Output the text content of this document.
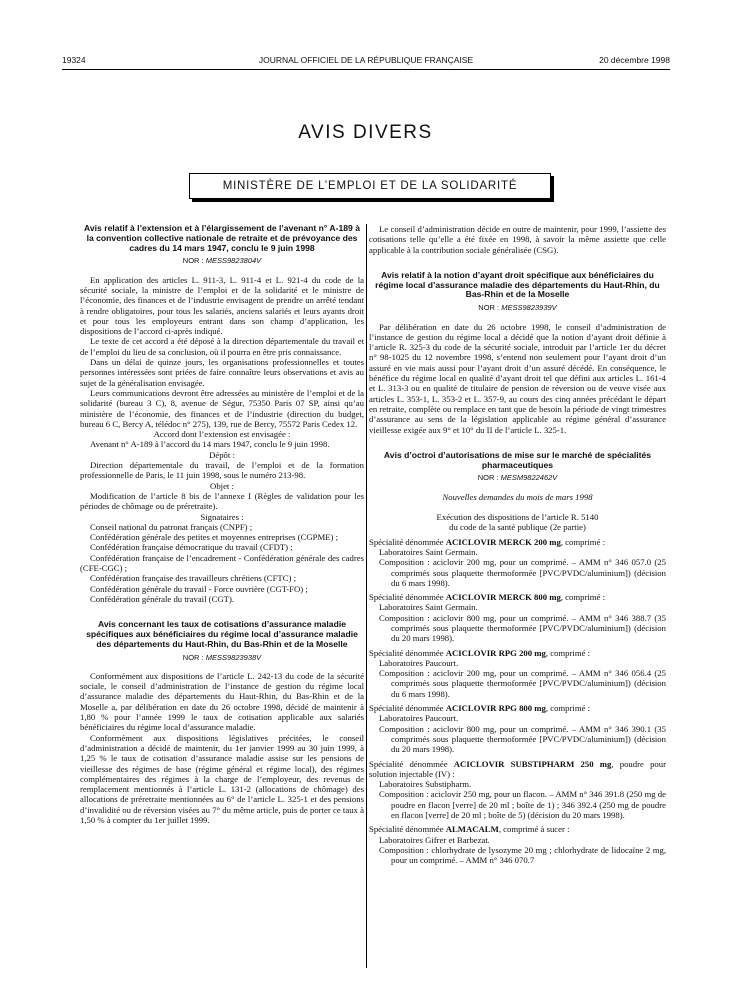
19324	JOURNAL OFFICIEL DE LA RÉPUBLIQUE FRANÇAISE	20 décembre 1998
AVIS DIVERS
MINISTÈRE DE L’EMPLOI ET DE LA SOLIDARITÉ
Avis relatif à l’extension et à l’élargissement de l’avenant n° A-189 à la convention collective nationale de retraite et de prévoyance des cadres du 14 mars 1947, conclu le 9 juin 1998
NOR : MESS9823804V

En application des articles L. 911-3, L. 911-4 et L. 921-4 du code de la sécurité sociale, la ministre de l’emploi et de la solidarité et le ministre de l’économie, des finances et de l’industrie envisagent de prendre un arrêté tendant à rendre obligatoires, pour tous les salariés, anciens salariés et leurs ayants droit et pour tous les employeurs entrant dans son champ d’application, les dispositions de l’accord ci-après indiqué.

Le texte de cet accord a été déposé à la direction départementale du travail et de l’emploi du lieu de sa conclusion, où il pourra en être pris connaissance.

Dans un délai de quinze jours, les organisations professionnelles et toutes personnes intéressées sont priées de faire connaître leurs observations et avis au sujet de la généralisation envisagée.

Leurs communications devront être adressées au ministère de l’emploi et de la solidarité (bureau 3 C), 8, avenue de Ségur, 75350 Paris 07 SP, ainsi qu’au ministère de l’économie, des finances et de l’industrie (direction du budget, bureau 6 C, Bercy A, télédoc n° 275), 139, rue de Bercy, 75572 Paris Cedex 12.

Accord dont l’extension est envisagée :

Avenant n° A-189 à l’accord du 14 mars 1947, conclu le 9 juin 1998.

Dépôt :

Direction départementale du travail, de l’emploi et de la formation professionnelle de Paris, le 11 juin 1998, sous le numéro 213-98.

Objet :

Modification de l’article 8 bis de l’annexe I (Règles de validation pour les périodes de chômage ou de préretraite).

Signataires :

Conseil national du patronat français (CNPF) ;

Confédération générale des petites et moyennes entreprises (CGPME) ;

Confédération française démocratique du travail (CFDT) ;

Confédération française de l’encadrement - Confédération générale des cadres (CFE-CGC) ;

Confédération française des travailleurs chrétiens (CFTC) ;

Confédération générale du travail - Force ouvrière (CGT-FO) ;

Confédération générale du travail (CGT).

Avis concernant les taux de cotisations d’assurance maladie spécifiques aux bénéficiaires du régime local d’assurance maladie des départements du Haut-Rhin, du Bas-Rhin et de la Moselle
NOR : MESS9823938V

Conformément aux dispositions de l’article L. 242-13 du code de la sécurité sociale, le conseil d’administration de l’instance de gestion du régime local d’assurance maladie des départements du Haut-Rhin, du Bas-Rhin et de la Moselle a, par délibération en date du 26 octobre 1998, décidé de maintenir à 1,80 % pour l’année 1999 le taux de cotisation applicable aux salariés bénéficiaires du régime local d’assurance maladie.

Conformément aux dispositions législatives précitées, le conseil d’administration a décidé de maintenir, du 1er janvier 1999 au 30 juin 1999, à 1,25 % le taux de cotisation d’assurance maladie assise sur les pensions de vieillesse des régimes de base (régime général et régime local), des régimes complémentaires des régimes à la charge de l’employeur, des revenus de remplacement mentionnés à l’article L. 131-2 (allocations de chômage) des allocations de préretraite mentionnées au 6° de l’article L. 325-1 et des pensions d’invalidité ou de réversion visées au 7° du même article, puis de porter ce taux à 1,50 % à compter du 1er juillet 1999.

Le conseil d’administration décide en outre de maintenir, pour 1999, l’assiette des cotisations telle qu’elle a été fixée en 1998, à savoir la même assiette que celle applicable à la contribution sociale généralisée (CSG).

Avis relatif à la notion d’ayant droit spécifique aux bénéficiaires du régime local d’assurance maladie des départements du Haut-Rhin, du Bas-Rhin et de la Moselle
NOR : MESS9823939V

Par délibération en date du 26 octobre 1998, le conseil d’administration de l’instance de gestion du régime local a décidé que la notion d’ayant droit définie à l’article R. 325-3 du code de la sécurité sociale, introduit par l’article 1er du décret n° 98-1025 du 12 novembre 1998, s’entend non seulement pour l’ayant droit d’un assuré en vie mais aussi pour l’ayant droit d’un assuré décédé. En conséquence, le bénéfice du régime local en qualité d’ayant droit tel que défini aux articles L. 161-4 et L. 313-3 ou en qualité de titulaire de pension de réversion ou de veuve visée aux articles L. 353-1, L. 353-2 et L. 357-9, au cours des cinq années précédant le départ en retraite, complète ou remplace en tant que de besoin la période de vingt trimestres d’assurance au sens de la législation applicable au régime général d’assurance vieillesse exigée aux 9° et 10° du II de l’article L. 325-1.

Avis d’octroi d’autorisations de mise sur le marché de spécialités pharmaceutiques
NOR : MESM9822462V

Nouvelles demandes du mois de mars 1998

Exécution des dispositions de l’article R. 5140

du code de la santé publique (2e partie)

Spécialité dénommée ACICLOVIR MERCK 200 mg, comprimé :

Laboratoires Saint Germain.

Composition : aciclovir 200 mg, pour un comprimé. – AMM n° 346 057.0 (25 comprimés sous plaquette thermoformée [PVC/PVDC/aluminium]) (décision du 6 mars 1998).

Spécialité dénommée ACICLOVIR MERCK 800 mg, comprimé :

Laboratoires Saint Germain.

Composition : aciclovir 800 mg, pour un comprimé. – AMM n° 346 388.7 (35 comprimés sous plaquette thermoformée [PVC/PVDC/aluminium]) (décision du 20 mars 1998).

Spécialité dénommée ACICLOVIR RPG 200 mg, comprimé :

Laboratoires Paucourt.

Composition : aciclovir 200 mg, pour un comprimé. – AMM n° 346 056.4 (25 comprimés sous plaquette thermoformée [PVC/PVDC/aluminium]) (décision du 6 mars 1998).

Spécialité dénommée ACICLOVIR RPG 800 mg, comprimé :

Laboratoires Paucourt.

Composition : aciclovir 800 mg, pour un comprimé. – AMM n° 346 390.1 (35 comprimés sous plaquette thermoformée [PVC/PVDC/aluminium]) (décision du 20 mars 1998).

Spécialité dénommée ACICLOVIR SUBSTIPHARM 250 mg, poudre pour solution injectable (IV) :

Laboratoires Substipharm.

Composition : aciclovir 250 mg, pour un flacon. – AMM n° 346 391.8 (250 mg de poudre en flacon [verre] de 20 ml ; boîte de 1) ; 346 392.4 (250 mg de poudre en flacon [verre] de 20 ml ; boîte de 5) (décision du 20 mars 1998).

Spécialité dénommée ALMACALM, comprimé à sucer :

Laboratoires Gifrer et Barbezat.

Composition : chlorhydrate de lysozyme 20 mg ; chlorhydrate de lidocaïne 2 mg, pour un comprimé. – AMM n° 346 070.7
